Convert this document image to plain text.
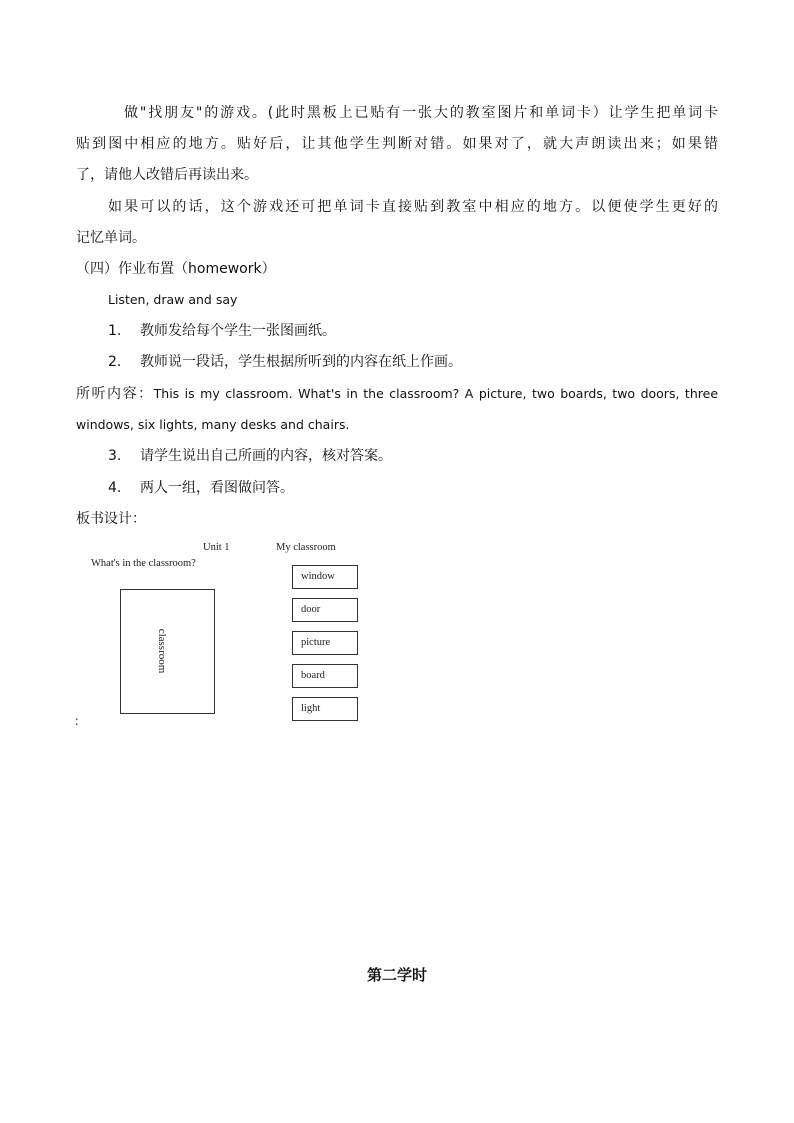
做"找朋友"的游戏。(此时黑板上已贴有一张大的教室图片和单词卡）让学生把单词卡
贴到图中相应的地方。贴好后，让其他学生判断对错。如果对了，就大声朗读出来；如果错
了，请他人改错后再读出来。
如果可以的话，这个游戏还可把单词卡直接贴到教室中相应的地方。以便使学生更好的
记忆单词。
（四）作业布置（homework）
Listen, draw and say
1. 教师发给每个学生一张图画纸。
2. 教师说一段话，学生根据所听到的内容在纸上作画。
所听内容：This is my classroom. What's in the classroom? A picture, two boards, two doors, three
windows, six lights, many desks and chairs.
3. 请学生说出自己所画的内容，核对答案。
4. 两人一组，看图做问答。
板书设计：
Unit 1	My classroom
What's in the classroom?
classroom
window
door
picture
board
light
：
第二学时
